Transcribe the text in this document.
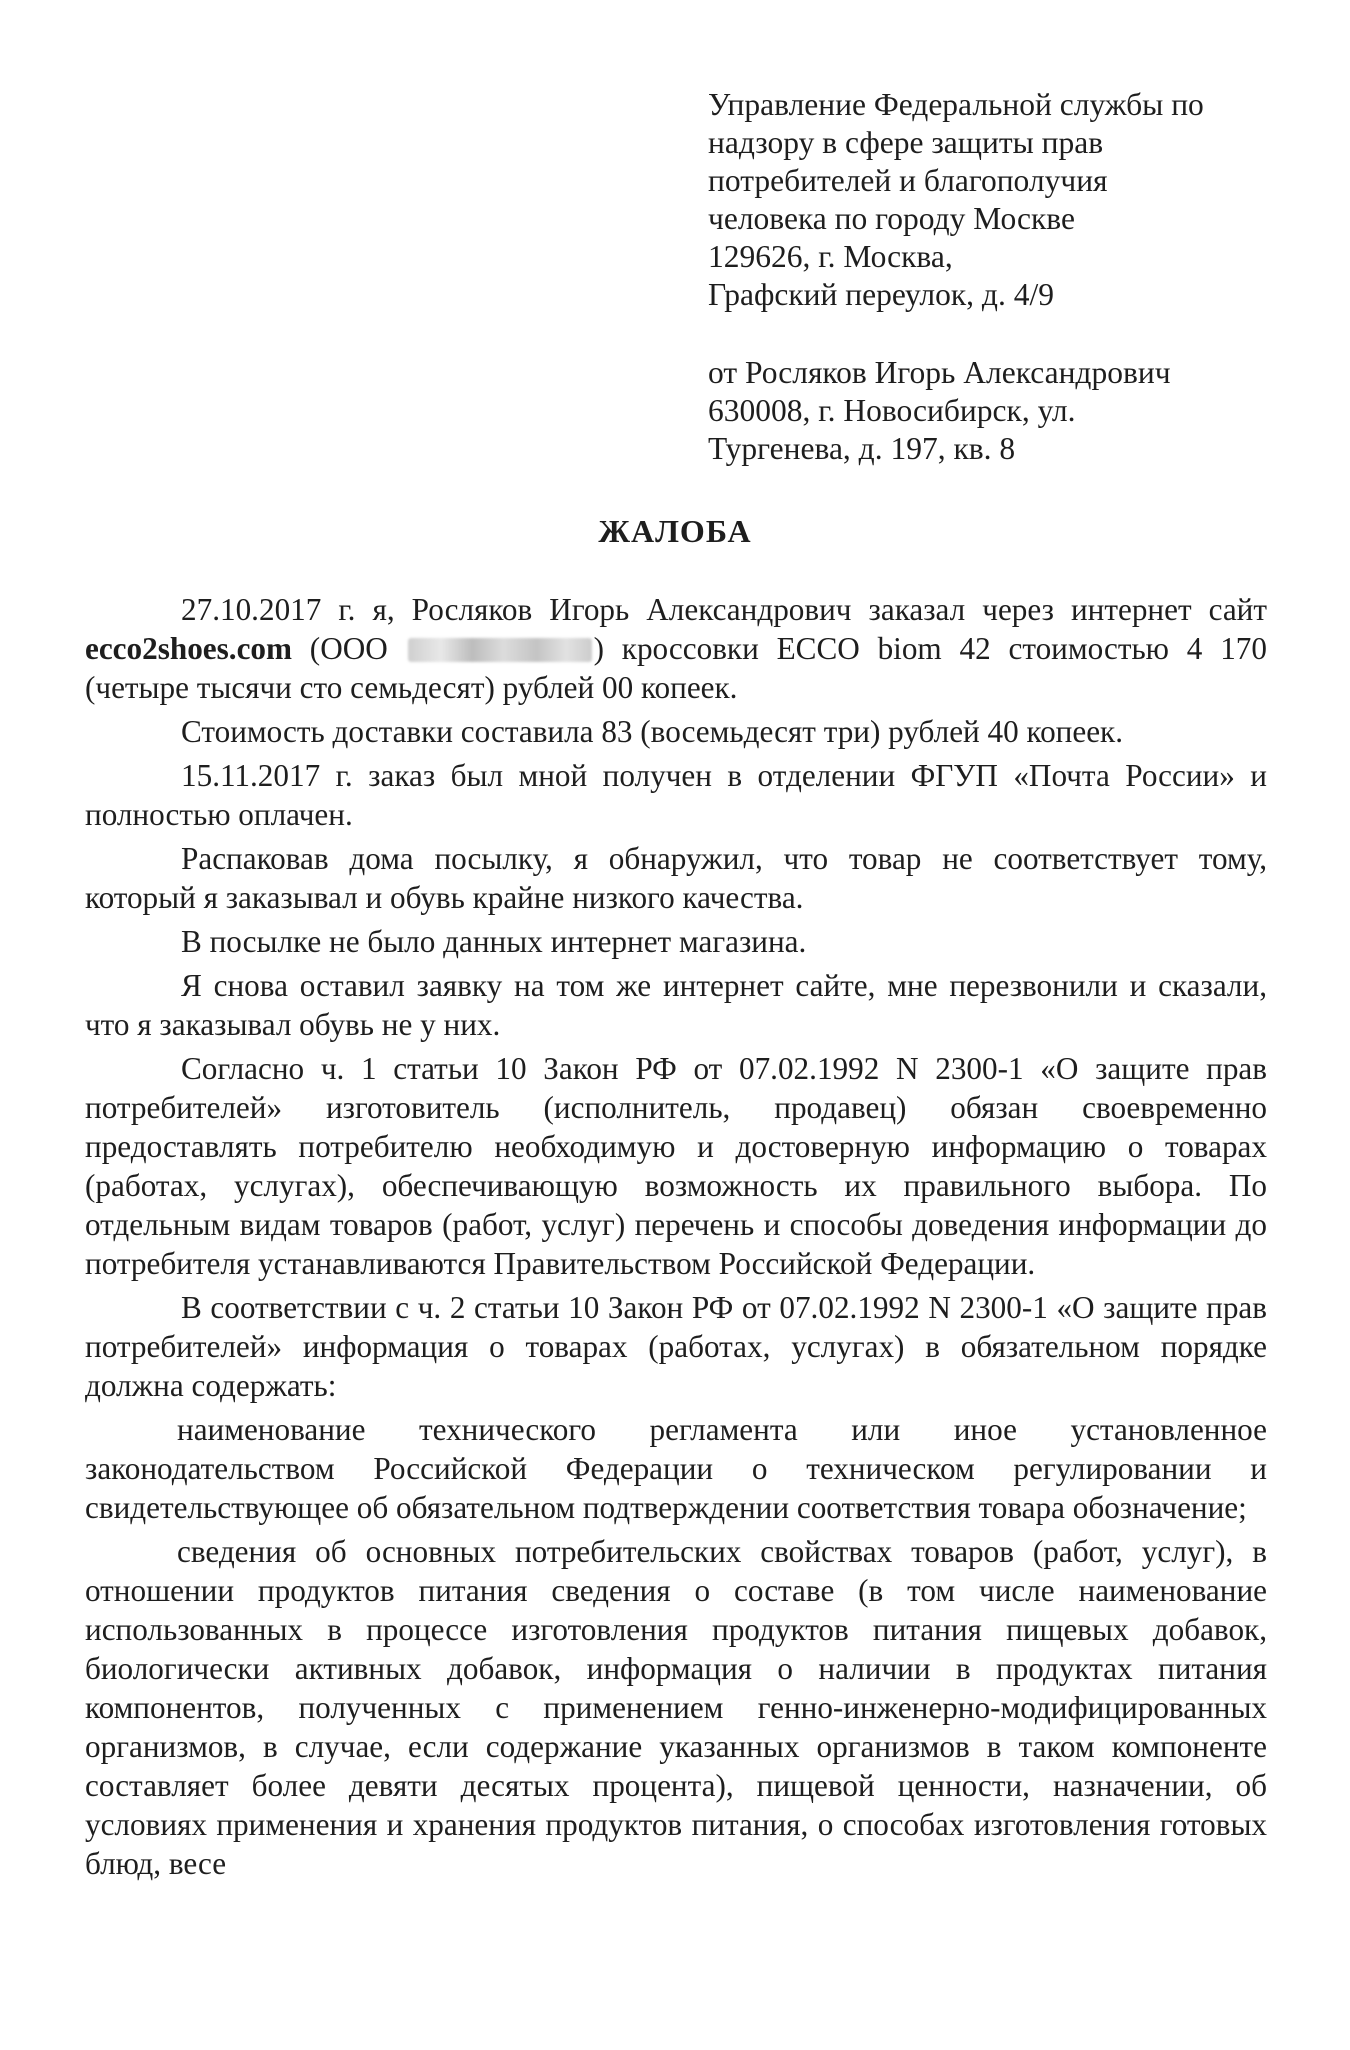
Управление Федеральной службы по
надзору в сфере защиты прав
потребителей и благополучия
человека по городу Москве
129626, г. Москва,
Графский переулок, д. 4/9
от Росляков Игорь Александрович
630008, г. Новосибирск, ул.
Тургенева, д. 197, кв. 8
ЖАЛОБА

27.10.2017 г. я, Росляков Игорь Александрович заказал через интернет сайт ecco2shoes.com (ООО	) кроссовки ECCO biom 42 стоимостью 4 170 (четыре тысячи сто семьдесят) рублей 00 копеек.

Стоимость доставки составила 83 (восемьдесят три) рублей 40 копеек.

15.11.2017 г. заказ был мной получен в отделении ФГУП «Почта России» и полностью оплачен.

Распаковав дома посылку, я обнаружил, что товар не соответствует тому, который я заказывал и обувь крайне низкого качества.

В посылке не было данных интернет магазина.

Я снова оставил заявку на том же интернет сайте, мне перезвонили и сказали, что я заказывал обувь не у них.

Согласно ч. 1 статьи 10 Закон РФ от 07.02.1992 N 2300-1 «О защите прав потребителей» изготовитель (исполнитель, продавец) обязан своевременно предоставлять потребителю необходимую и достоверную информацию о товарах (работах, услугах), обеспечивающую возможность их правильного выбора. По отдельным видам товаров (работ, услуг) перечень и способы доведения информации до потребителя устанавливаются Правительством Российской Федерации.

В соответствии с ч. 2 статьи 10 Закон РФ от 07.02.1992 N 2300-1 «О защите прав потребителей» информация о товарах (работах, услугах) в обязательном порядке должна содержать:

наименование технического регламента или иное установленное законодательством Российской Федерации о техническом регулировании и свидетельствующее об обязательном подтверждении соответствия товара обозначение;

сведения об основных потребительских свойствах товаров (работ, услуг), в отношении продуктов питания сведения о составе (в том числе наименование использованных в процессе изготовления продуктов питания пищевых добавок, биологически активных добавок, информация о наличии в продуктах питания компонентов, полученных с применением генно-инженерно-модифицированных организмов, в случае, если содержание указанных организмов в таком компоненте составляет более девяти десятых процента), пищевой ценности, назначении, об условиях применения и хранения продуктов питания, о способах изготовления готовых блюд, весе
